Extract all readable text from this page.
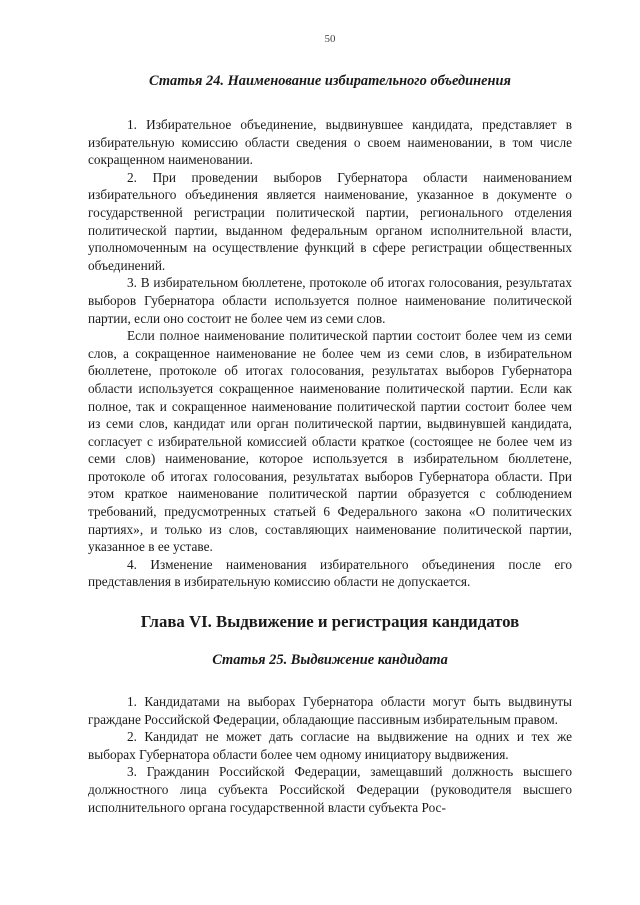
50
Статья 24. Наименование избирательного объединения

1. Избирательное объединение, выдвинувшее кандидата, представляет в избирательную комиссию области сведения о своем наименовании, в том числе сокращенном наименовании.

2. При проведении выборов Губернатора области наименованием избирательного объединения является наименование, указанное в документе о государственной регистрации политической партии, регионального отделения политической партии, выданном федеральным органом исполнительной власти, уполномоченным на осуществление функций в сфере регистрации общественных объединений.

3. В избирательном бюллетене, протоколе об итогах голосования, результатах выборов Губернатора области используется полное наименование политической партии, если оно состоит не более чем из семи слов.

Если полное наименование политической партии состоит более чем из семи слов, а сокращенное наименование не более чем из семи слов, в избирательном бюллетене, протоколе об итогах голосования, результатах выборов Губернатора области используется сокращенное наименование политической партии. Если как полное, так и сокращенное наименование политической партии состоит более чем из семи слов, кандидат или орган политической партии, выдвинувшей кандидата, согласует с избирательной комиссией области краткое (состоящее не более чем из семи слов) наименование, которое используется в избирательном бюллетене, протоколе об итогах голосования, результатах выборов Губернатора области. При этом краткое наименование политической партии образуется с соблюдением требований, предусмотренных статьей 6 Федерального закона «О политических партиях», и только из слов, составляющих наименование политической партии, указанное в ее уставе.

4. Изменение наименования избирательного объединения после его представления в избирательную комиссию области не допускается.

Глава VI. Выдвижение и регистрация кандидатов
Статья 25. Выдвижение кандидата

1. Кандидатами на выборах Губернатора области могут быть выдвинуты граждане Российской Федерации, обладающие пассивным избирательным правом.

2. Кандидат не может дать согласие на выдвижение на одних и тех же выборах Губернатора области более чем одному инициатору выдвижения.

3. Гражданин Российской Федерации, замещавший должность высшего должностного лица субъекта Российской Федерации (руководителя высшего исполнительного органа государственной власти субъекта Рос-
